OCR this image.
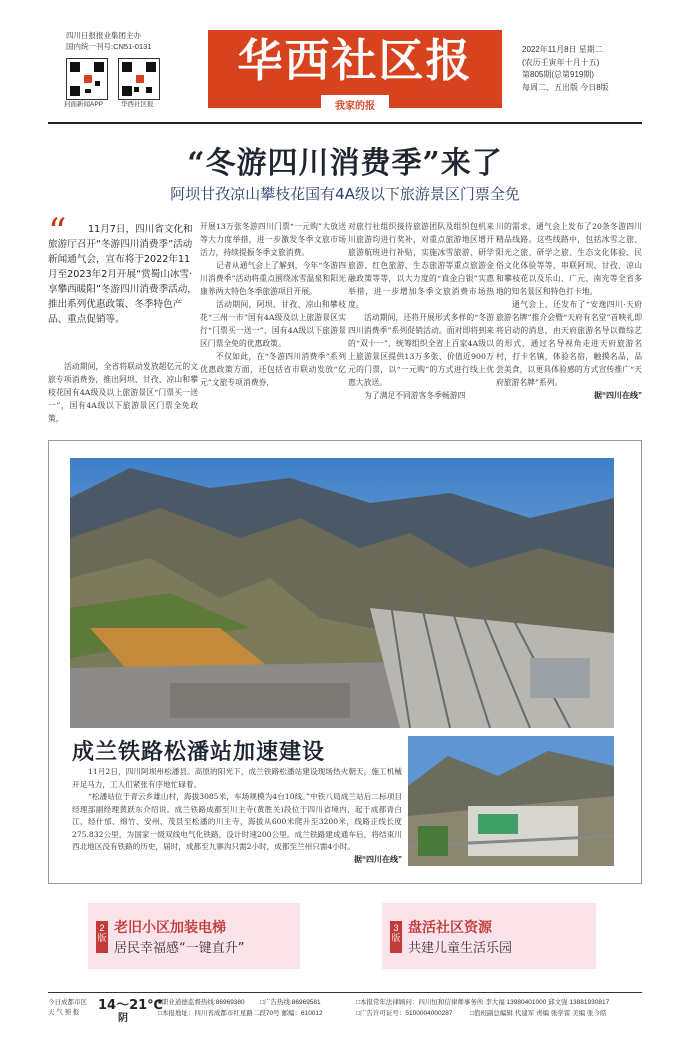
四川日报报业集团主办
国内统一刊号:CN51-0131
封面新闻APP	华西社区报
华西社区报
我家的报
2022年11月8日 星期二
(农历壬寅年十月十五)
第805期(总第919期)
每周二、五出版 今日8版
“冬游四川消费季”来了
阿坝甘孜凉山攀枝花国有4A级以下旅游景区门票全免
“	11月7日，四川省文化和旅游厅召开“冬游四川消费季”活动新闻通气会，宣布将于2022年11月至2023年2月开展“赏蜀山冰雪·享攀西暖阳”冬游四川消费季活动，推出系列优惠政策、冬季特色产品、重点促销等。

活动期间，全省将联动发放超亿元的文旅专项消费券，推出阿坝、甘孜、凉山和攀枝花国有4A级及以上旅游景区“门票买一送一”，国有4A级以下旅游景区门票全免政策，

开展13万张冬游四川门票“一元购”大放送等大力度举措，进一步激发冬季文旅市场活力，持续提振冬季文旅消费。

记者从通气会上了解到，今年“冬游四川消费季”活动将重点围绕冰雪温泉和阳光康养两大特色冬季旅游项目开展。

活动期间，阿坝、甘孜、凉山和攀枝花“三州一市”国有4A级及以上旅游景区实行“门票买一送一”、国有4A级以下旅游景区门票全免的优惠政策。

不仅如此，在“冬游四川消费季”系列优惠政策方面，还包括省市联动发放“亿元”文旅专项消费券，

对旅行社组织接待旅游团队及组织包机来川旅游均进行奖补，对重点旅游地区增开旅游航班进行补贴，实施冰雪旅游、研学旅游、红色旅游、生态旅游等重点旅游金融政策等等，以大力度的“真金白银”实惠举措，进一步增加冬季文旅消费市场热度。

活动期间，还将开展形式多样的“冬游四川消费季”系列促销活动。面对即将到来的“双十一”，统筹组织全省上百家4A级以上旅游景区提供13万多张、价值近900万元的门票，以“一元购”的方式进行线上优惠大放送。

为了满足不同游客冬季畅游四

川的需求，通气会上发布了20条冬游四川精品线路。这些线路中，包括冰雪之旅、阳光之旅、研学之旅、生态文化体验、民俗文化体验等等，串联阿坝、甘孜、凉山和攀枝花以及乐山、广元、南充等全省多地的知名景区和特色打卡地。

通气会上，还发布了“安逸四川·天府旅游名牌”推介会暨“天府有名堂”首映礼即将启动的消息，由天府旅游名导以微综艺的形式，通过名导视角走进天府旅游名村，打卡名镇，体验名宿，触摸名品，品尝美食，以更具体验感的方式宣传推广“天府旅游名牌”系列。

据“四川在线”
成兰铁路松潘站加速建设

11月2日，四川阿坝州松潘县。高原的阳光下，成兰铁路松潘站建设现场热火朝天，施工机械开足马力，工人们紧张有序地忙碌着。

“松潘站位于青云乡雄山村，海拔3085米，车场规模为4台10线。”中铁八局成兰站后二标项目经理部副经理黄跃东介绍说。成兰铁路成都至川主寺(黄胜关)段位于四川省境内，起于成都青白江，经什邡、绵竹、安州、茂县至松潘的川主寺，海拔从600米爬升至3200米，线路正线长度275.832公里，为国家一级双线电气化铁路，设计时速200公里。成兰铁路建成通车后，将结束川西北地区没有铁路的历史，届时，成都至九寨沟只需2小时，成都至兰州只需4小时。

据“四川在线”
2版
老旧小区加装电梯
居民幸福感“一键直升”
3版
盘活社区资源
共建儿童生活乐园
今日成都市区
天 气 预 报	14～21℃
阴
■职业道德监督热线:86969380 □广告热线:86969581
□本报地址：四川省成都市红星路二段70号 邮编：610012
□本报常年法律顾问：四川恒和信律师事务所 李大福 13980401000 邱文强 13881930817
□广告许可证号：5100004000287	□值班副总编辑 代建军 责编 张学雷 美编 张今皓
